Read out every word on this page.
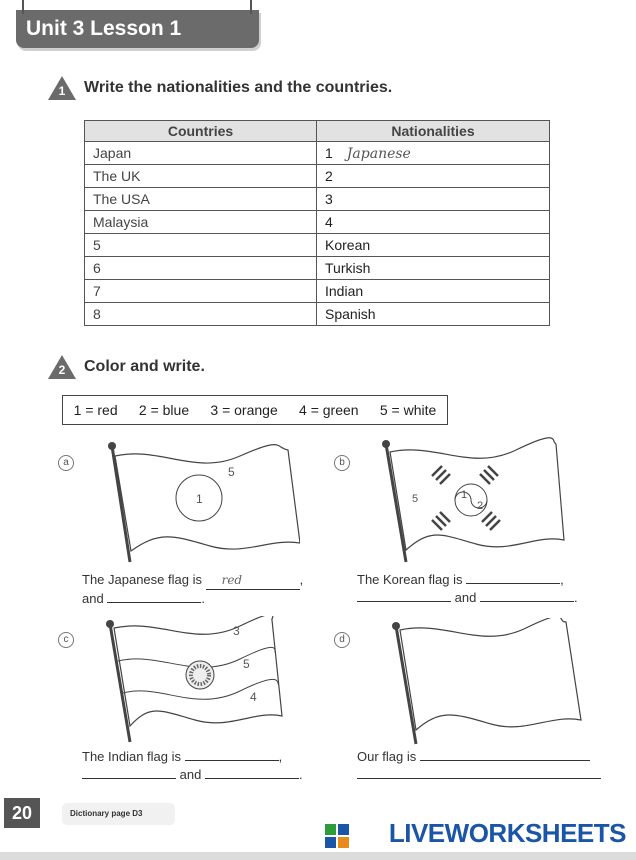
Unit 3 Lesson 1
1 Write the nationalities and the countries.
Countries	Nationalities
Japan	1 Japanese
The UK	2
The USA	3
Malaysia	4
5	Korean
6	Turkish
7	Indian
8	Spanish
2 Color and write.
1 = red 2 = blue 3 = orange 4 = green 5 = white
a
1
5
The Japanese flag is red	,
and	.
b
1
2
5
The Korean flag is	,
and	.
c
3
5
4
The Indian flag is	,
and	.
d
Our flag is

20	Dictionary page D3
LIVEWORKSHEETS
